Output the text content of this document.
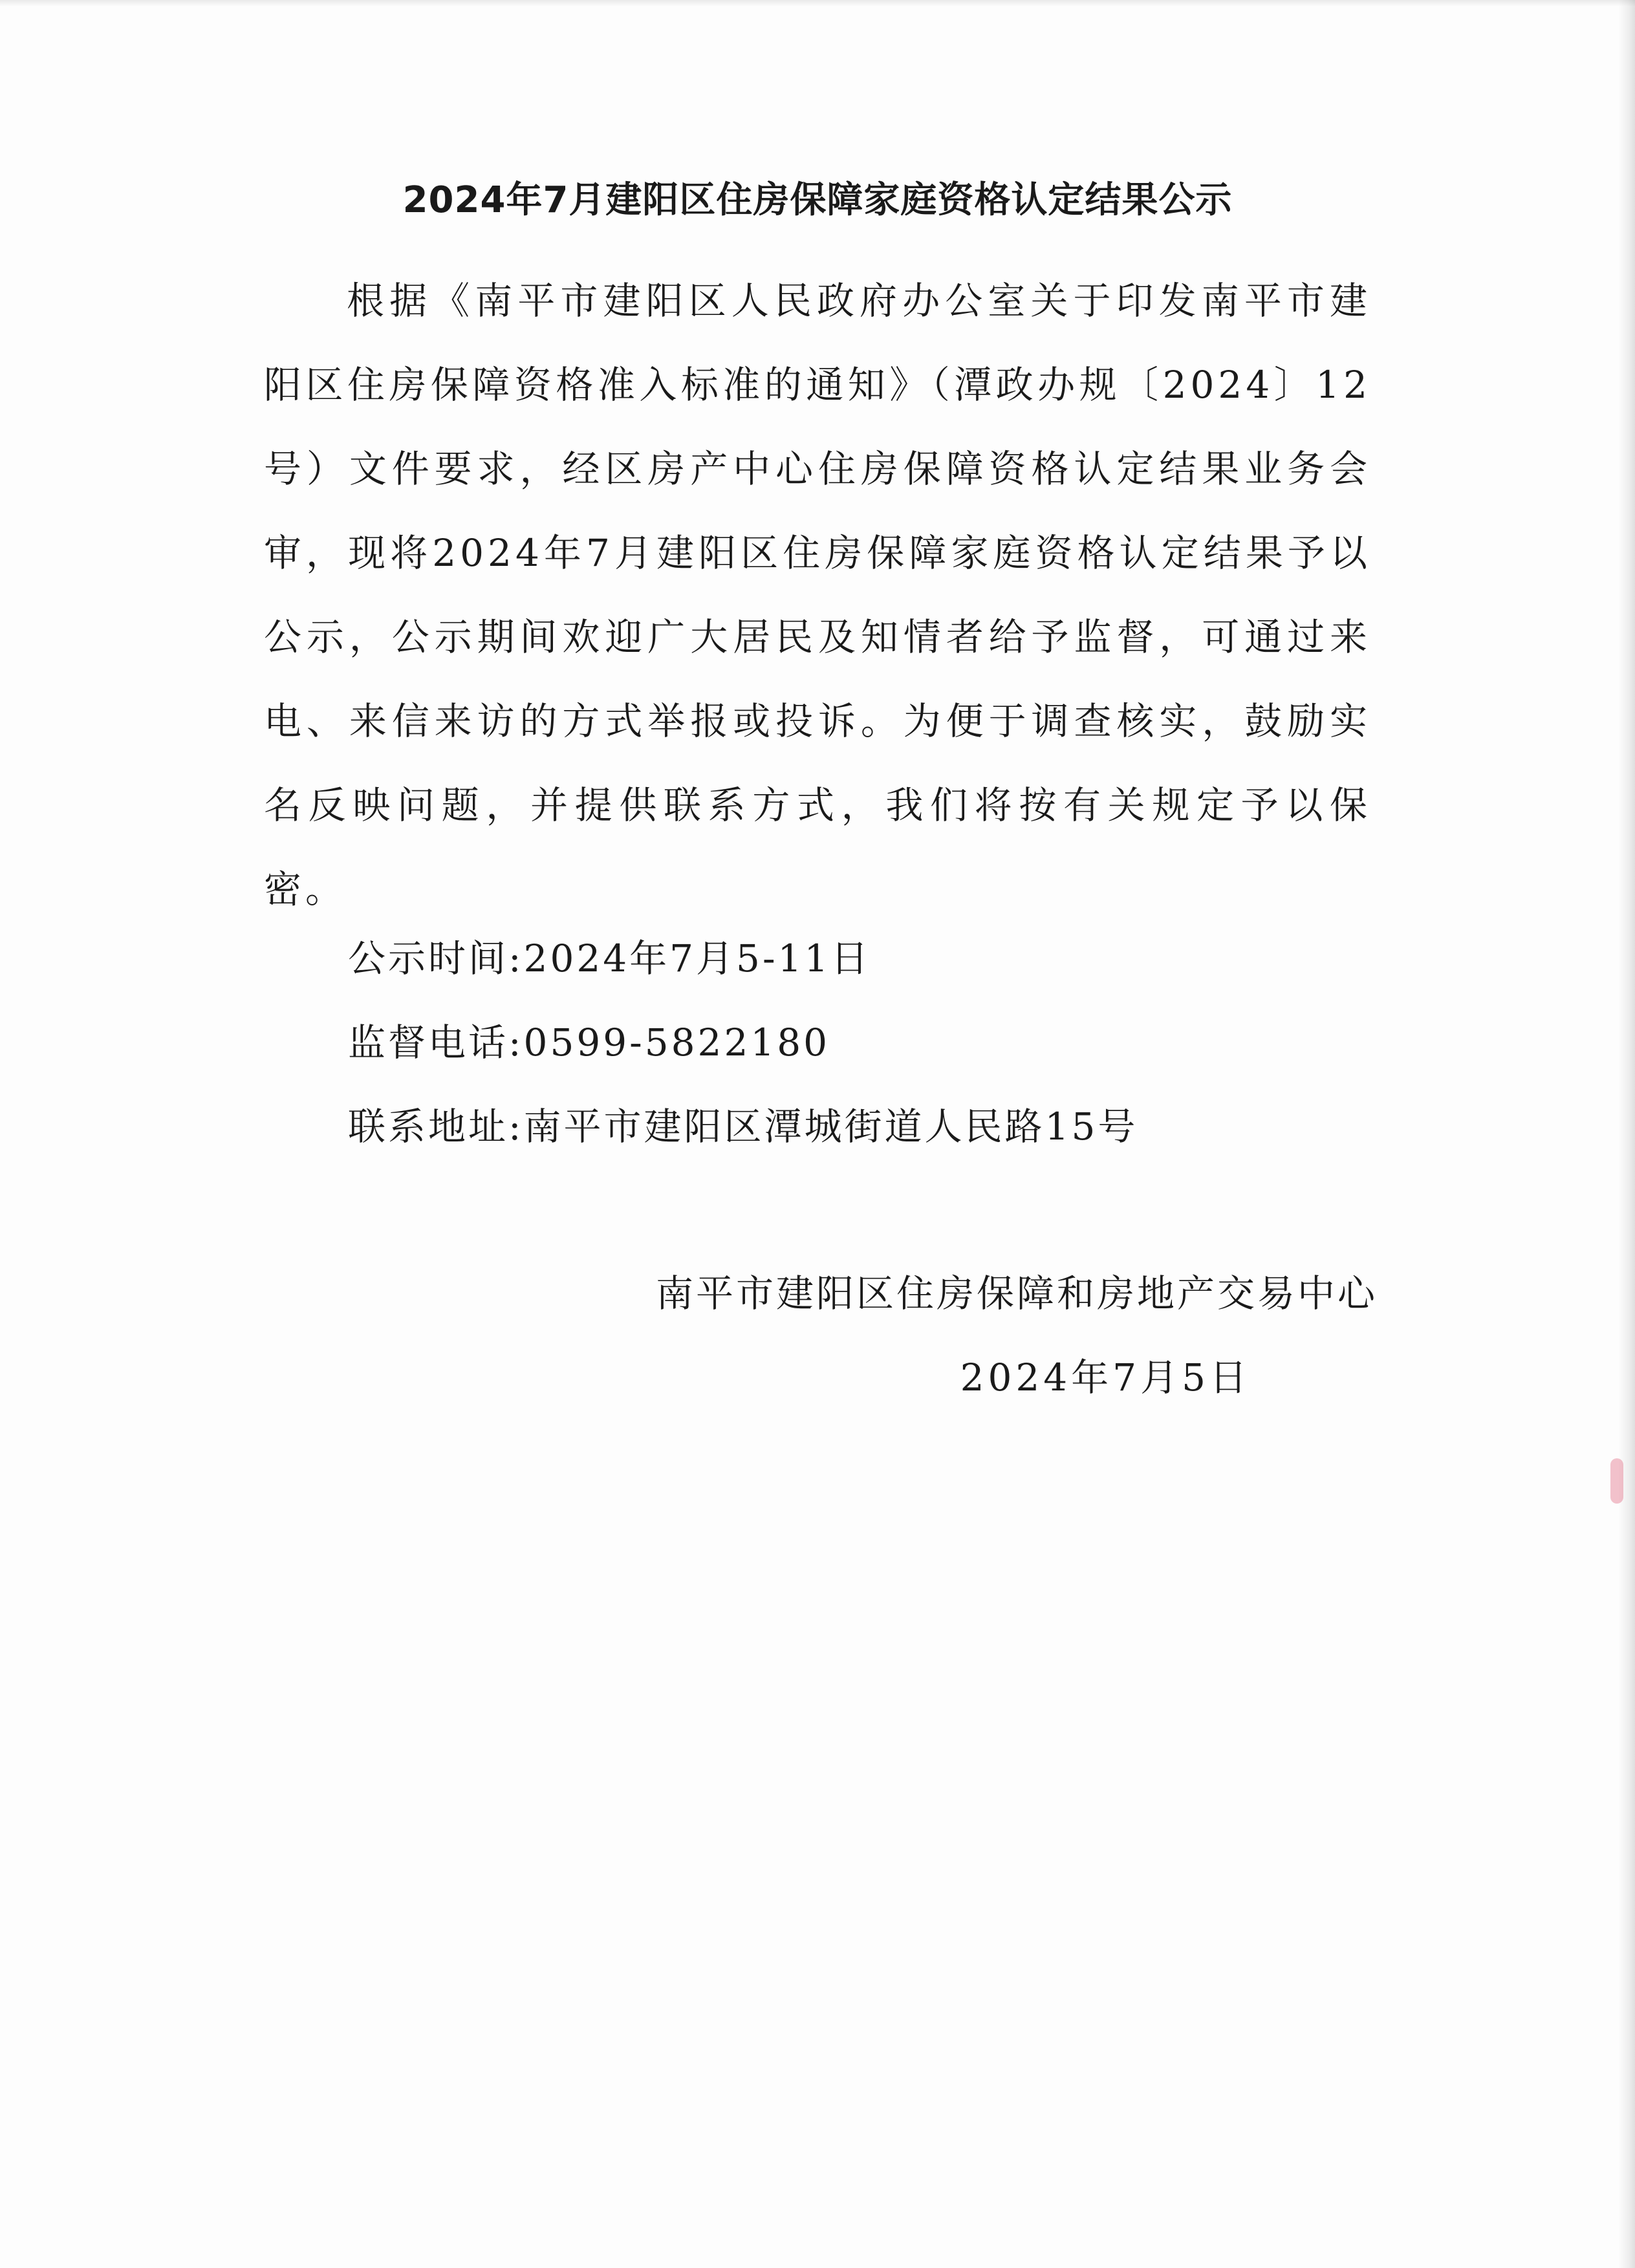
2024年7月建阳区住房保障家庭资格认定结果公示

根据《南平市建阳区人民政府办公室关于印发南平市建阳区住房保障资格准入标准的通知》（潭政办规〔2024〕12号）文件要求，经区房产中心住房保障资格认定结果业务会审，现将2024年7月建阳区住房保障家庭资格认定结果予以公示，公示期间欢迎广大居民及知情者给予监督，可通过来电、来信来访的方式举报或投诉。为便于调查核实，鼓励实名反映问题，并提供联系方式，我们将按有关规定予以保密。

公示时间:2024年7月5-11日
监督电话:0599-5822180
联系地址:南平市建阳区潭城街道人民路15号
南平市建阳区住房保障和房地产交易中心
2024年7月5日
